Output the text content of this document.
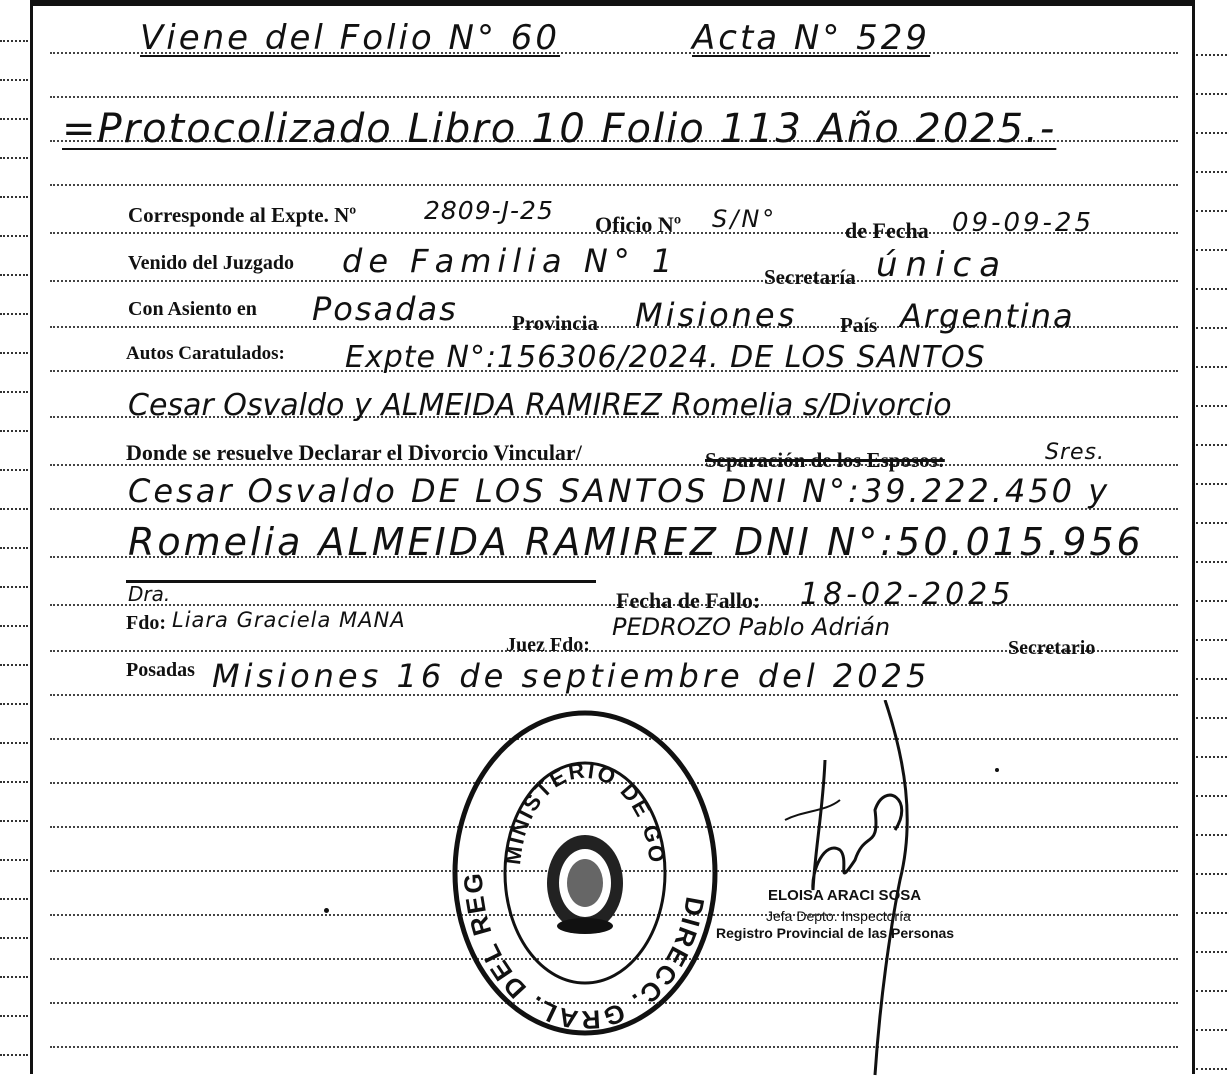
Viene del Folio N° 60	Acta N° 529
=Protocolizado Libro 10 Folio 113 Año 2025.-
Corresponde al Expte. Nº	2809-J-25 Oficio Nº S/N°	de Fecha 09-09-25
Venido del Juzgado de Familia N° 1	Secretaría única
Con Asiento en Posadas	Provincia Misiones País Argentina
Autos Caratulados: Expte N°:156306/2024. DE LOS SANTOS
Cesar Osvaldo y ALMEIDA RAMIREZ Romelia s/Divorcio
Donde se resuelve Declarar el Divorcio Vincular/	Separación de los Esposos:	Sres.
Cesar Osvaldo DE LOS SANTOS DNI N°:39.222.450 y
Romelia ALMEIDA RAMIREZ DNI N°:50.015.956
Dra.	Fecha de Fallo: 18-02-2025
Fdo: Liara Graciela MANA
Juez Fdo:
PEDROZO Pablo Adrián
Secretario
Posadas Misiones 16 de septiembre del 2025
DIRECC. GRAL. DEL REG
MINISTERIO DE GO
ELOISA ARACI SOSA
Jefa Depto. Inspectoría
Registro Provincial de las Personas
